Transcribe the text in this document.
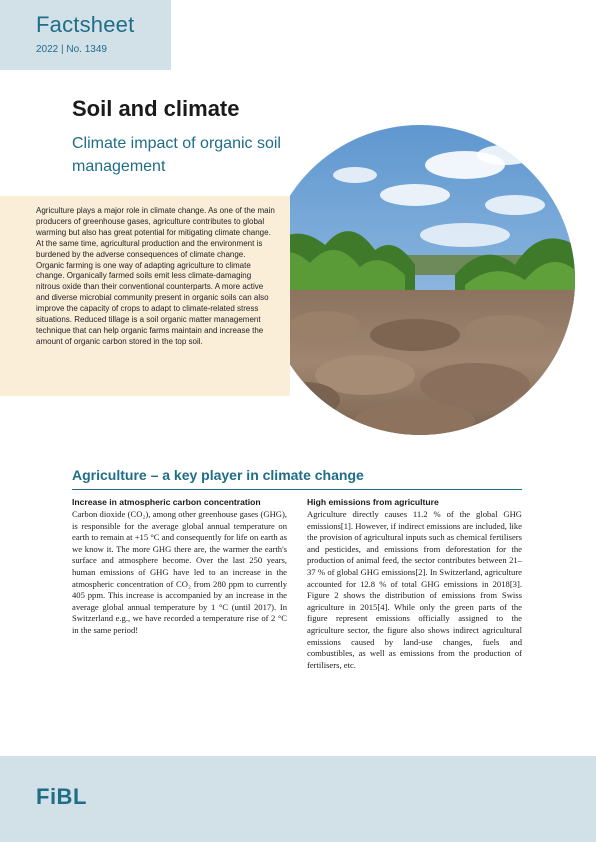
Factsheet
2022 | No. 1349
Soil and climate
Climate impact of organic soil management

Agriculture plays a major role in climate change. As one of the main producers of greenhouse gases, agriculture contributes to global warming but also has great potential for mitigating climate change. At the same time, agricultural production and the environment is burdened by the adverse consequences of climate change.

Organic farming is one way of adapting agriculture to climate change. Organically farmed soils emit less climate-damaging nitrous oxide than their conventional counterparts. A more active and diverse microbial community present in organic soils can also improve the capacity of crops to adapt to climate-related stress situations. Reduced tillage is a soil organic matter management technique that can help organic farms maintain and increase the amount of organic carbon stored in the top soil.

Agriculture – a key player in climate change
Increase in atmospheric carbon concentration

Carbon dioxide (CO₂), among other greenhouse gases (GHG), is responsible for the average global annual temperature on earth to remain at +15 °C and consequently for life on earth as we know it. The more GHG there are, the warmer the earth's surface and atmosphere become. Over the last 250 years, human emissions of GHG have led to an increase in the atmospheric concentration of CO₂ from 280 ppm to currently 405 ppm. This increase is accompanied by an increase in the average global annual temperature by 1 °C (until 2017). In Switzerland e.g., we have recorded a temperature rise of 2 °C in the same period!

High emissions from agriculture

Agriculture directly causes 11.2 % of the global GHG emissions[1]. However, if indirect emissions are included, like the provision of agricultural inputs such as chemical fertilisers and pesticides, and emissions from deforestation for the production of animal feed, the sector contributes between 21–37 % of global GHG emissions[2]. In Switzerland, agriculture accounted for 12.8 % of total GHG emissions in 2018[3]. Figure 2 shows the distribution of emissions from Swiss agriculture in 2015[4]. While only the green parts of the figure represent emissions officially assigned to the agriculture sector, the figure also shows indirect agricultural emissions caused by land-use changes, fuels and combustibles, as well as emissions from the production of fertilisers, etc.

FiBL
